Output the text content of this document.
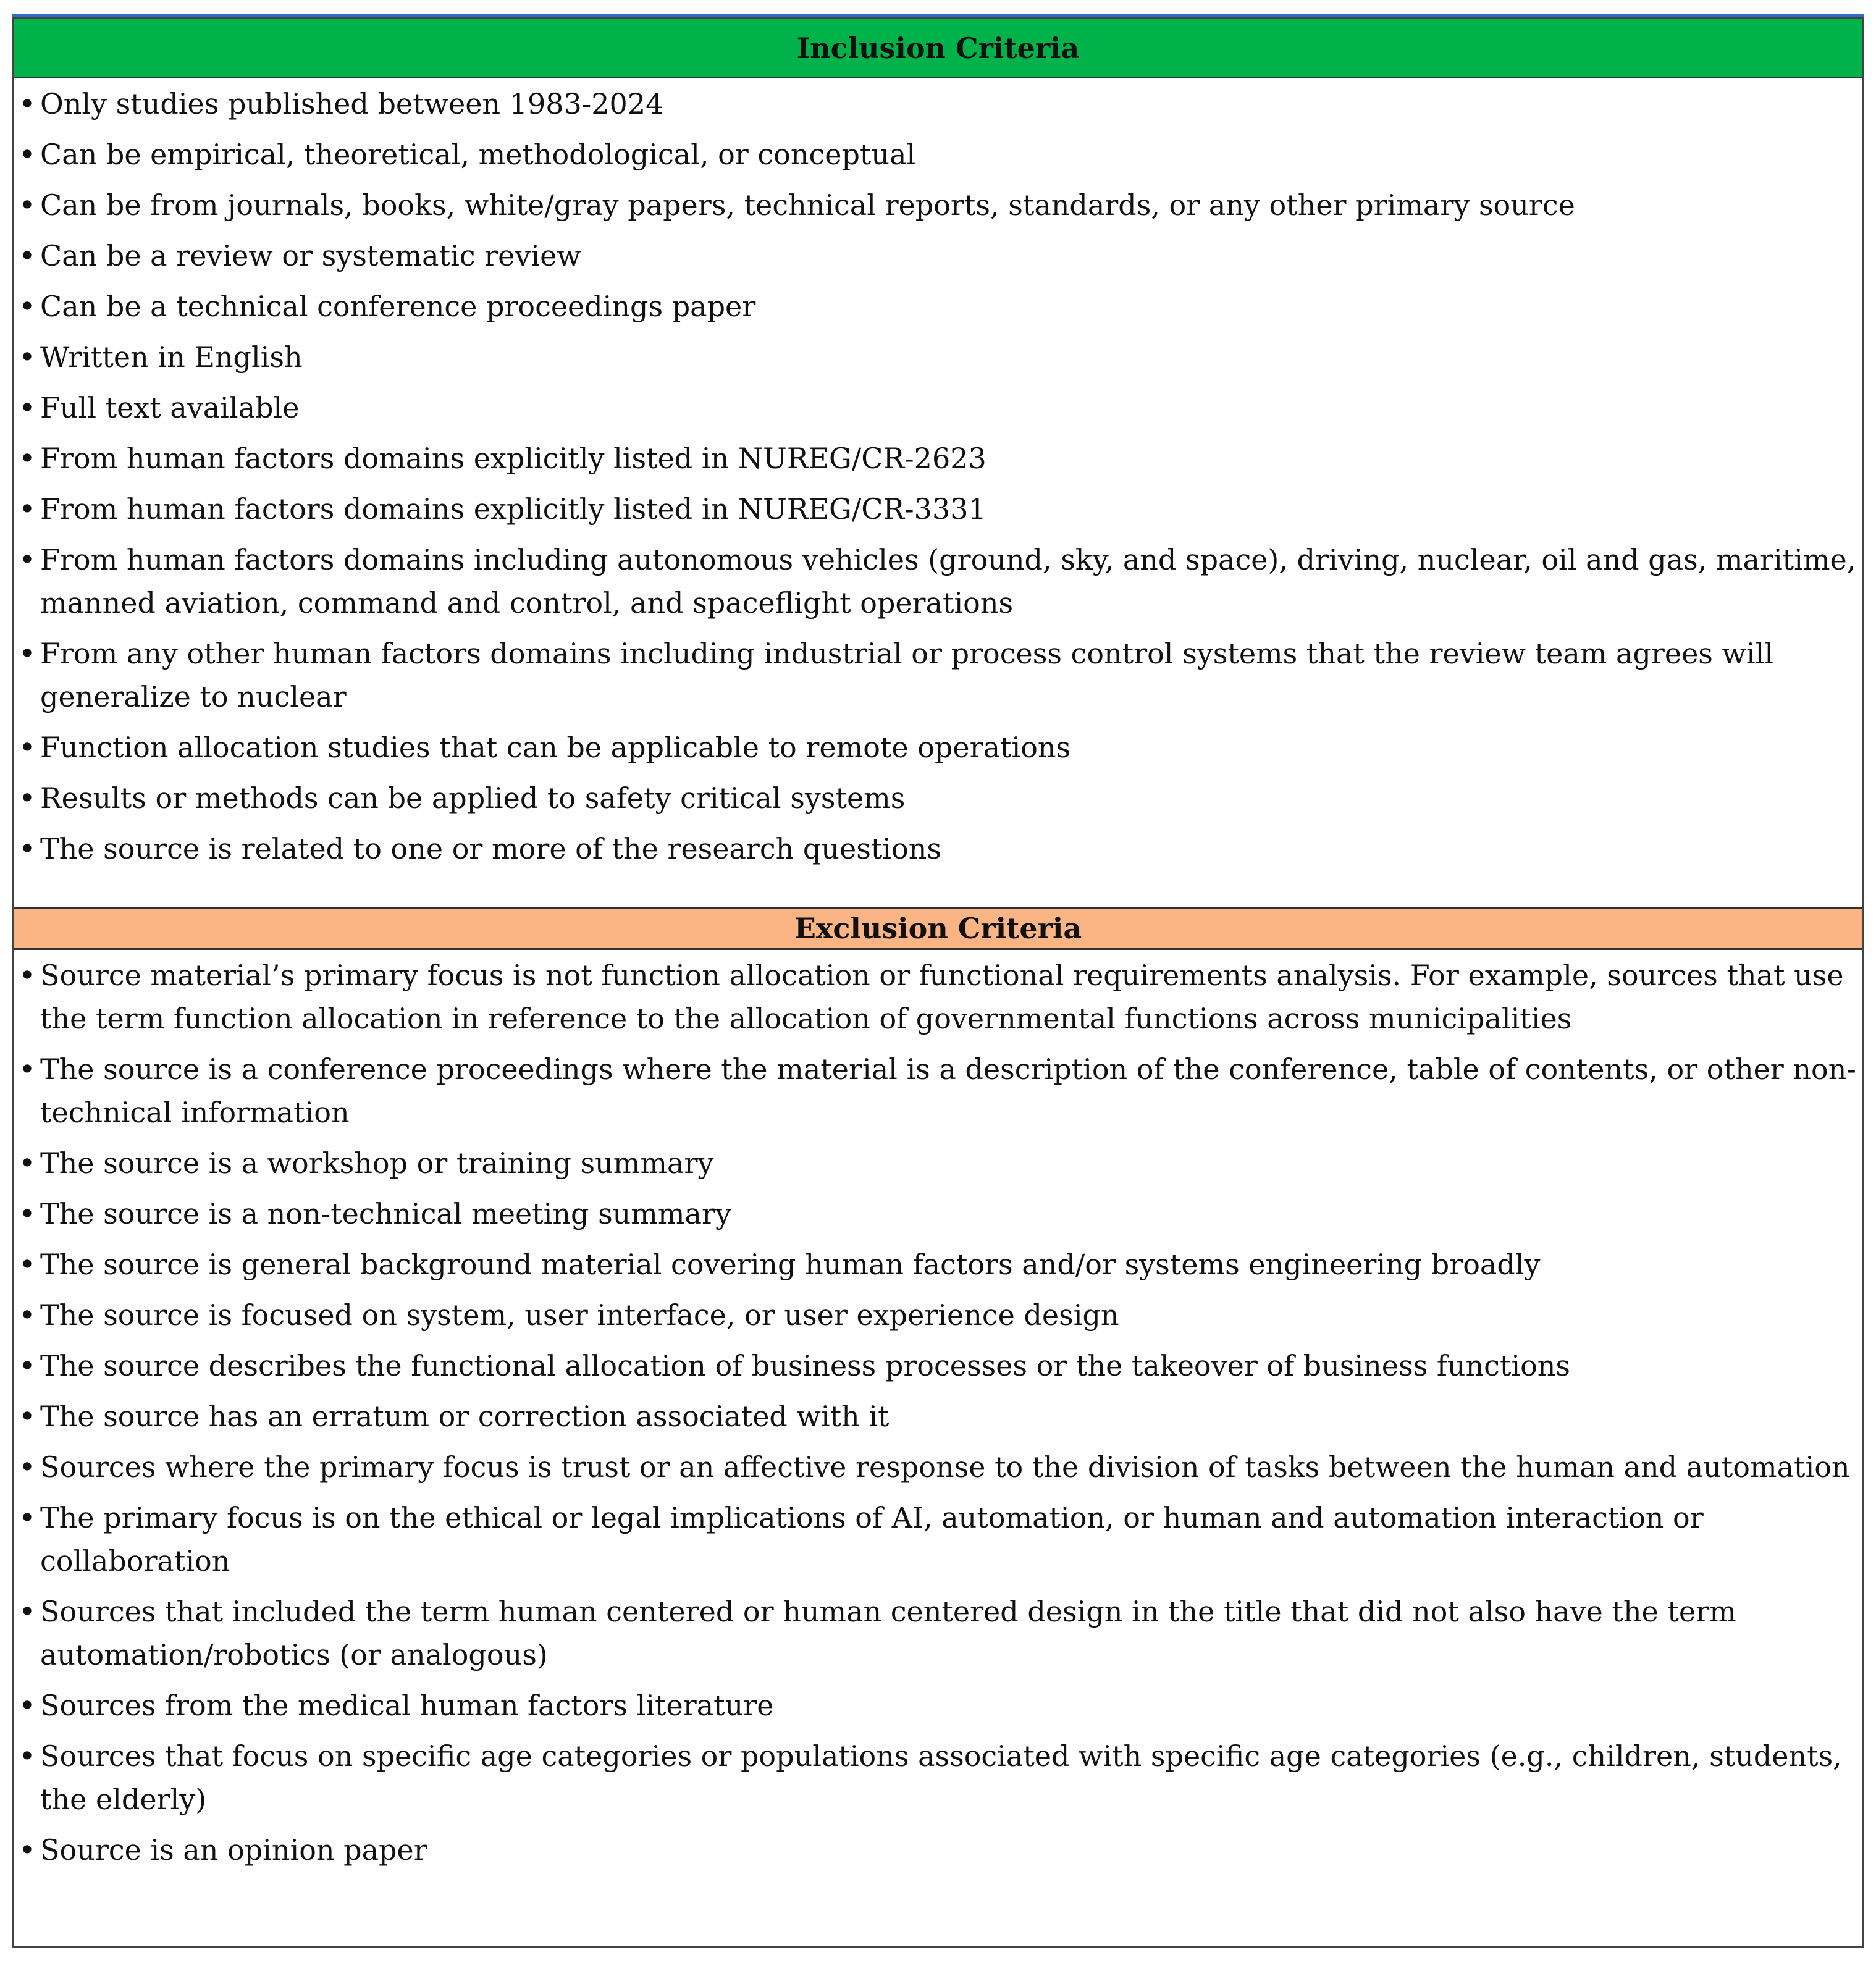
Inclusion Criteria
• Only studies published between 1983-2024
• Can be empirical, theoretical, methodological, or conceptual
• Can be from journals, books, white/gray papers, technical reports, standards, or any other primary source
• Can be a review or systematic review
• Can be a technical conference proceedings paper
• Written in English
• Full text available
• From human factors domains explicitly listed in NUREG/CR-2623
• From human factors domains explicitly listed in NUREG/CR-3331
• From human factors domains including autonomous vehicles (ground, sky, and space), driving, nuclear, oil and gas, maritime, manned aviation, command and control, and spaceflight operations
• From any other human factors domains including industrial or process control systems that the review team agrees will generalize to nuclear
• Function allocation studies that can be applicable to remote operations
• Results or methods can be applied to safety critical systems
• The source is related to one or more of the research questions
Exclusion Criteria
• Source material’s primary focus is not function allocation or functional requirements analysis. For example, sources that use the term function allocation in reference to the allocation of governmental functions across municipalities
• The source is a conference proceedings where the material is a description of the conference, table of contents, or other non-technical information
• The source is a workshop or training summary
• The source is a non-technical meeting summary
• The source is general background material covering human factors and/or systems engineering broadly
• The source is focused on system, user interface, or user experience design
• The source describes the functional allocation of business processes or the takeover of business functions
• The source has an erratum or correction associated with it
• Sources where the primary focus is trust or an affective response to the division of tasks between the human and automation
• The primary focus is on the ethical or legal implications of AI, automation, or human and automation interaction or collaboration
• Sources that included the term human centered or human centered design in the title that did not also have the term automation/robotics (or analogous)
• Sources from the medical human factors literature
• Sources that focus on specific age categories or populations associated with specific age categories (e.g., children, students, the elderly)
• Source is an opinion paper
